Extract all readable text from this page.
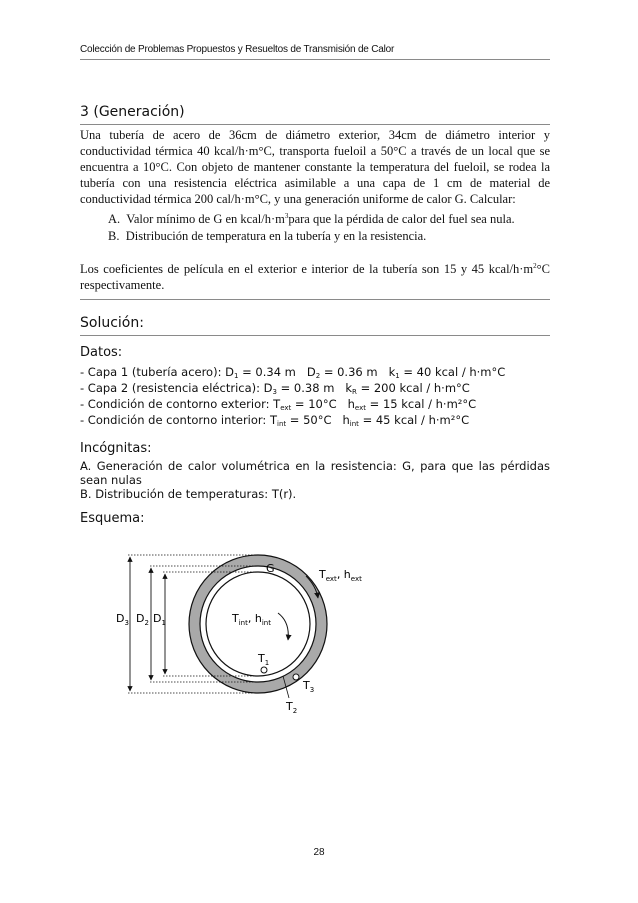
Colección de Problemas Propuestos y Resueltos de Transmisión de Calor
3 (Generación)
Una tubería de acero de 36cm de diámetro exterior, 34cm de diámetro interior y conductividad térmica 40 kcal/h·m°C, transporta fueloil a 50°C a través de un local que se encuentra a 10°C. Con objeto de mantener constante la temperatura del fueloil, se rodea la tubería con una resistencia eléctrica asimilable a una capa de 1 cm de material de conductividad térmica 200 cal/h·m°C, y una generación uniforme de calor G. Calcular:
A. Valor mínimo de G en kcal/$h\cdot m^3para$ que la pérdida de calor del fuel sea nula.
B. Distribución de temperatura en la tubería y en la resistencia.
Los coeficientes de película en el exterior e interior de la tubería son 15 y 45 kcal/$h\cdot m^2^\circ C$ respectivamente.
Solución:
Datos:
- Capa 1 (tubería acero): $D_1 = 0.34$ m $D_2 = 0.36$ m $k_1 = 40$ kcal / h·m°C
- Capa 2 (resistencia eléctrica): $D_3 = 0.38$ m $k_R = 200$ kcal / h·m°C
- Condición de contorno exterior: $T_{ext} = 10^\circ C$ $h_{ext} = 15$ kcal / h·m²°C
- Condición de contorno interior: $T_{int} = 50^\circ C$ $h_{int} = 45$ kcal / h·m²°C
Incógnitas:
A. Generación de calor volumétrica en la resistencia: G, para que las pérdidas sean nulas
B. Distribución de temperaturas: T(r).
Esquema:
G	$T_{ext}$, $h_{ext}$
$T_{int}$, $h_{int}$
$D_3$ $D_2$ $D_1$
$T_1$
$T_3$
$T_2$
28
